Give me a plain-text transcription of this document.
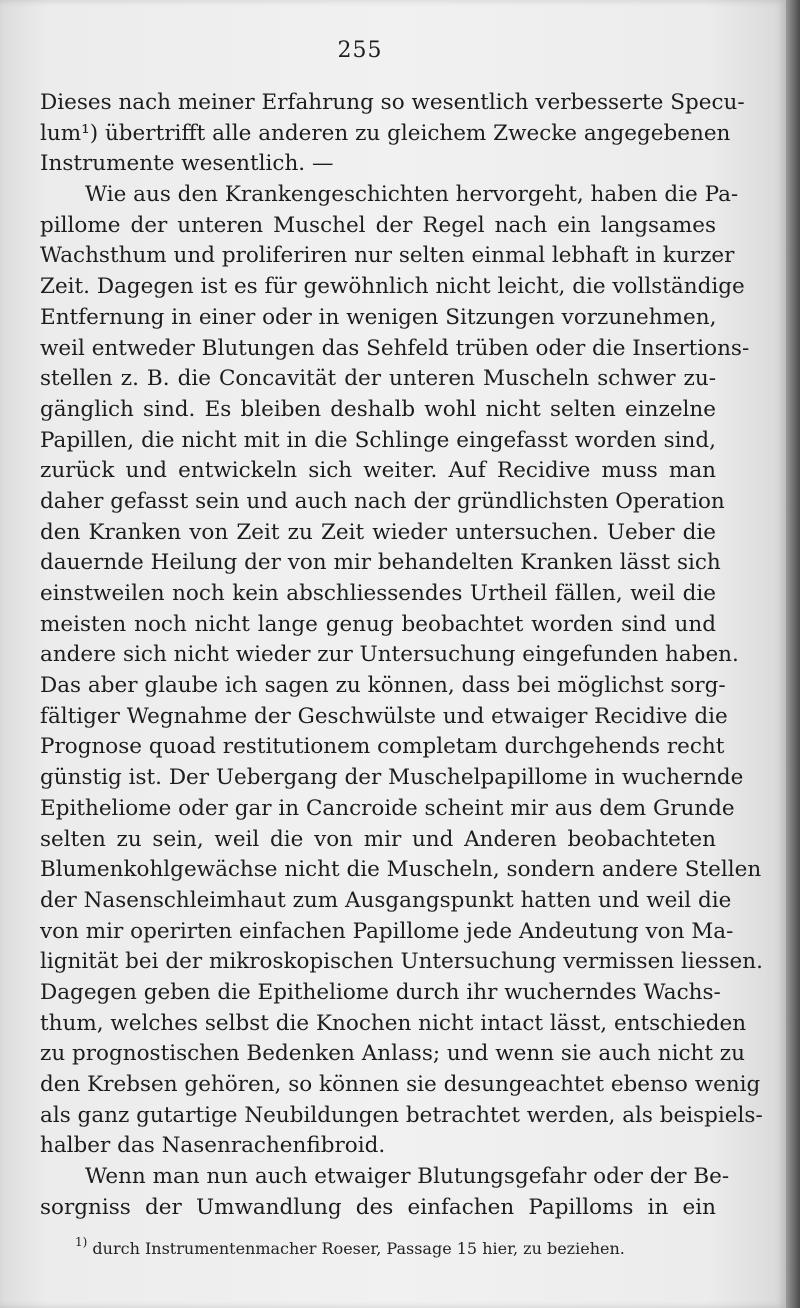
255
Dieses nach meiner Erfahrung so wesentlich verbesserte Specu-
lum¹) übertrifft alle anderen zu gleichem Zwecke angegebenen
Instrumente wesentlich. —
Wie aus den Krankengeschichten hervorgeht, haben die Pa-
pillome der unteren Muschel der Regel nach ein langsames
Wachsthum und proliferiren nur selten einmal lebhaft in kurzer
Zeit. Dagegen ist es für gewöhnlich nicht leicht, die vollständige
Entfernung in einer oder in wenigen Sitzungen vorzunehmen,
weil entweder Blutungen das Sehfeld trüben oder die Insertions-
stellen z. B. die Concavität der unteren Muscheln schwer zu-
gänglich sind. Es bleiben deshalb wohl nicht selten einzelne
Papillen, die nicht mit in die Schlinge eingefasst worden sind,
zurück und entwickeln sich weiter. Auf Recidive muss man
daher gefasst sein und auch nach der gründlichsten Operation
den Kranken von Zeit zu Zeit wieder untersuchen. Ueber die
dauernde Heilung der von mir behandelten Kranken lässt sich
einstweilen noch kein abschliessendes Urtheil fällen, weil die
meisten noch nicht lange genug beobachtet worden sind und
andere sich nicht wieder zur Untersuchung eingefunden haben.
Das aber glaube ich sagen zu können, dass bei möglichst sorg-
fältiger Wegnahme der Geschwülste und etwaiger Recidive die
Prognose quoad restitutionem completam durchgehends recht
günstig ist. Der Uebergang der Muschelpapillome in wuchernde
Epitheliome oder gar in Cancroide scheint mir aus dem Grunde
selten zu sein, weil die von mir und Anderen beobachteten
Blumenkohlgewächse nicht die Muscheln, sondern andere Stellen
der Nasenschleimhaut zum Ausgangspunkt hatten und weil die
von mir operirten einfachen Papillome jede Andeutung von Ma-
lignität bei der mikroskopischen Untersuchung vermissen liessen.
Dagegen geben die Epitheliome durch ihr wucherndes Wachs-
thum, welches selbst die Knochen nicht intact lässt, entschieden
zu prognostischen Bedenken Anlass; und wenn sie auch nicht zu
den Krebsen gehören, so können sie desungeachtet ebenso wenig
als ganz gutartige Neubildungen betrachtet werden, als beispiels-
halber das Nasenrachenfibroid.
Wenn man nun auch etwaiger Blutungsgefahr oder der Be-
sorgniss der Umwandlung des einfachen Papilloms in ein
$^{1)}$ durch Instrumentenmacher Roeser, Passage 15 hier, zu beziehen.
